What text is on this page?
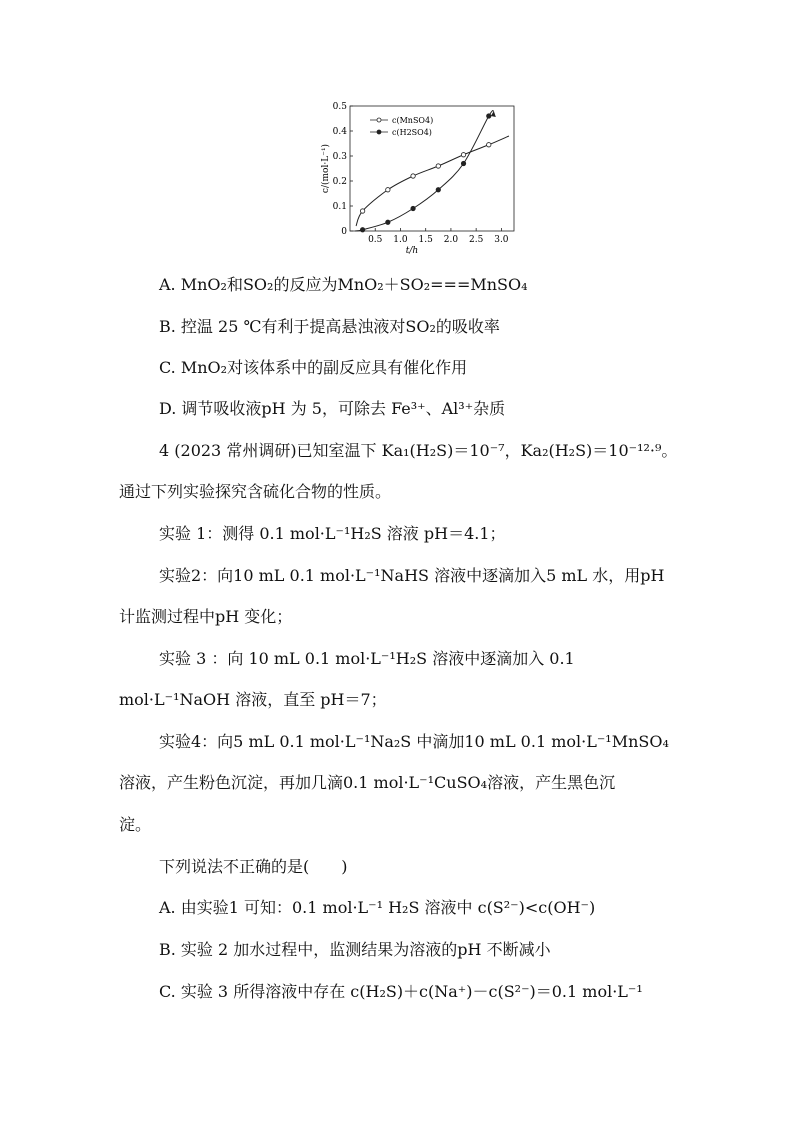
0
0.1
0.2
0.3
0.4
0.5
0.5 1.0 1.5 2.0 2.5 3.0
t/h
c/(mol·L⁻¹)
c(MnSO4)
c(H2SO4)
A. MnO₂和SO₂的反应为MnO₂＋SO₂===MnSO₄
B. 控温 25 ℃有利于提高悬浊液对SO₂的吸收率
C. MnO₂对该体系中的副反应具有催化作用
D. 调节吸收液pH 为 5，可除去 Fe³⁺、Al³⁺杂质
4 (2023 常州调研)已知室温下 Ka₁(H₂S)＝10⁻⁷，Ka₂(H₂S)＝10⁻¹²·⁹。
通过下列实验探究含硫化合物的性质。
实验 1：测得 0.1 mol·L⁻¹H₂S 溶液 pH＝4.1；
实验2：向10 mL 0.1 mol·L⁻¹NaHS 溶液中逐滴加入5 mL 水，用pH
计监测过程中pH 变化；
实验 3 ：向 10 mL 0.1 mol·L⁻¹H₂S 溶液中逐滴加入 0.1
mol·L⁻¹NaOH 溶液，直至 pH＝7；
实验4：向5 mL 0.1 mol·L⁻¹Na₂S 中滴加10 mL 0.1 mol·L⁻¹MnSO₄
溶液，产生粉色沉淀，再加几滴0.1 mol·L⁻¹CuSO₄溶液，产生黑色沉
淀。
下列说法不正确的是(　　)
A. 由实验1 可知：0.1 mol·L⁻¹ H₂S 溶液中 c(S²⁻)<c(OH⁻)
B. 实验 2 加水过程中，监测结果为溶液的pH 不断减小
C. 实验 3 所得溶液中存在 c(H₂S)＋c(Na⁺)－c(S²⁻)＝0.1 mol·L⁻¹
